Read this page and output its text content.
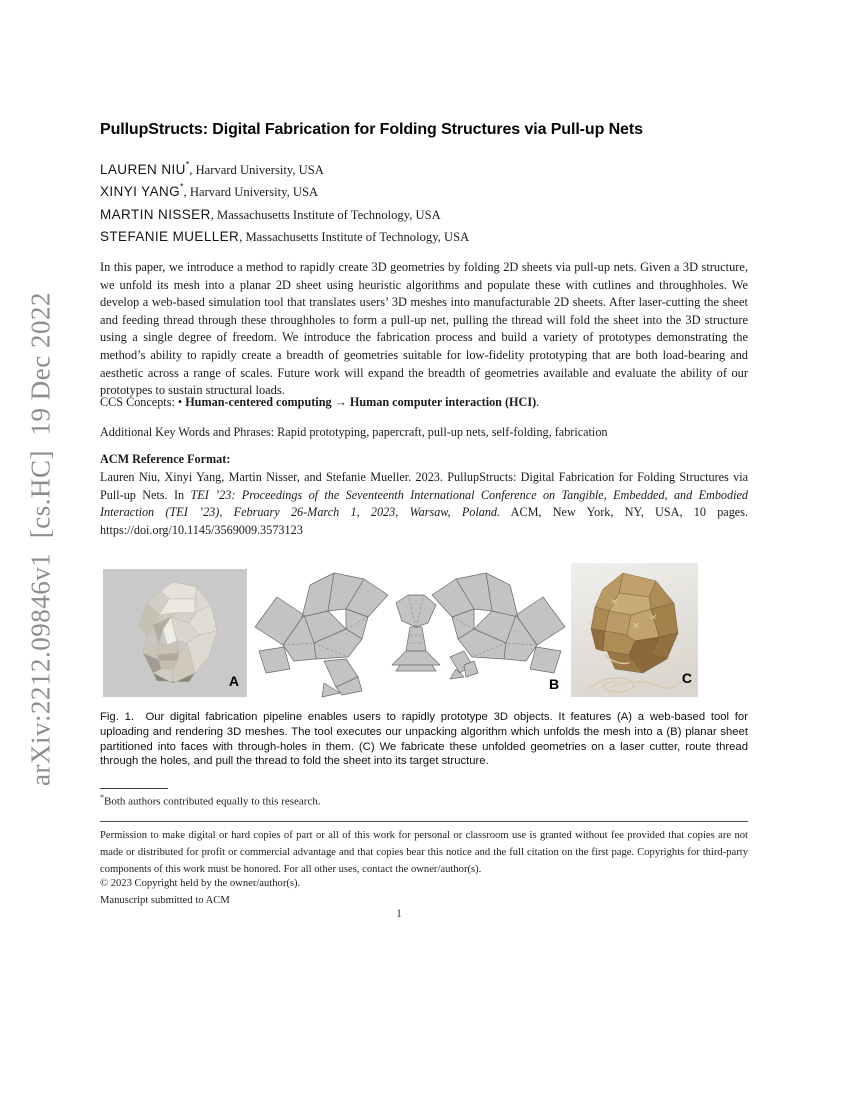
arXiv:2212.09846v1  [cs.HC]  19 Dec 2022
PullupStructs: Digital Fabrication for Folding Structures via Pull-up Nets
LAUREN NIU*, Harvard University, USA
XINYI YANG*, Harvard University, USA
MARTIN NISSER, Massachusetts Institute of Technology, USA
STEFANIE MUELLER, Massachusetts Institute of Technology, USA

In this paper, we introduce a method to rapidly create 3D geometries by folding 2D sheets via pull-up nets. Given a 3D structure, we unfold its mesh into a planar 2D sheet using heuristic algorithms and populate these with cutlines and throughholes. We develop a web-based simulation tool that translates users’ 3D meshes into manufacturable 2D sheets. After laser-cutting the sheet and feeding thread through these throughholes to form a pull-up net, pulling the thread will fold the sheet into the 3D structure using a single degree of freedom. We introduce the fabrication process and build a variety of prototypes demonstrating the method’s ability to rapidly create a breadth of geometries suitable for low-fidelity prototyping that are both load-bearing and aesthetic across a range of scales. Future work will expand the breadth of geometries available and evaluate the ability of our prototypes to sustain structural loads.

CCS Concepts: • Human-centered computing → Human computer interaction (HCI).

Additional Key Words and Phrases: Rapid prototyping, papercraft, pull-up nets, self-folding, fabrication

ACM Reference Format:

Lauren Niu, Xinyi Yang, Martin Nisser, and Stefanie Mueller. 2023. PullupStructs: Digital Fabrication for Folding Structures via Pull-up Nets. In TEI ’23: Proceedings of the Seventeenth International Conference on Tangible, Embedded, and Embodied Interaction (TEI ’23), February 26-March 1, 2023, Warsaw, Poland. ACM, New York, NY, USA, 10 pages. https://doi.org/10.1145/3569009.3573123

A	B	C

Fig. 1. Our digital fabrication pipeline enables users to rapidly prototype 3D objects. It features (A) a web-based tool for uploading and rendering 3D meshes. The tool executes our unpacking algorithm which unfolds the mesh into a (B) planar sheet partitioned into faces with through-holes in them. (C) We fabricate these unfolded geometries on a laser cutter, route thread through the holes, and pull the thread to fold the sheet into its target structure.

*Both authors contributed equally to this research.

Permission to make digital or hard copies of part or all of this work for personal or classroom use is granted without fee provided that copies are not made or distributed for profit or commercial advantage and that copies bear this notice and the full citation on the first page. Copyrights for third-party components of this work must be honored. For all other uses, contact the owner/author(s).

© 2023 Copyright held by the owner/author(s).

Manuscript submitted to ACM

1
